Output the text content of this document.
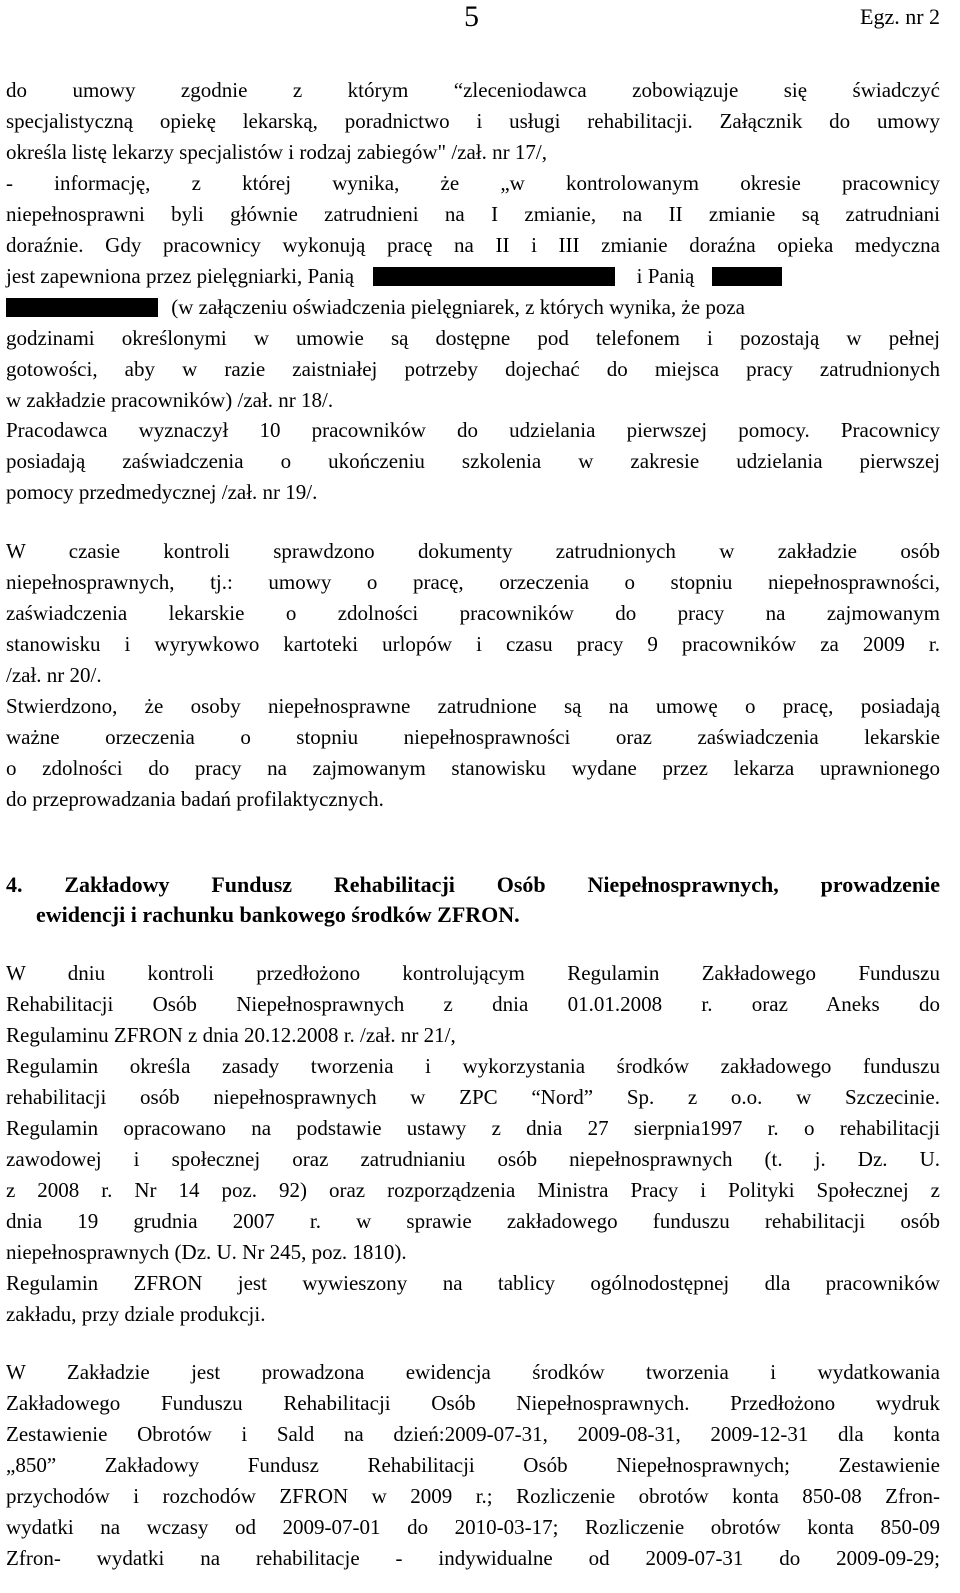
5	Egz. nr 2
do umowy zgodnie z którym “zleceniodawca zobowiązuje się świadczyć
specjalistyczną opiekę lekarską, poradnictwo i usługi rehabilitacji. Załącznik do umowy
określa listę lekarzy specjalistów i rodzaj zabiegów" /zał. nr 17/,
- informację, z której wynika, że „w kontrolowanym okresie pracownicy
niepełnosprawni byli głównie zatrudnieni na I zmianie, na II zmianie są zatrudniani
doraźnie. Gdy pracownicy wykonują pracę na II i III zmianie doraźna opieka medyczna
jest zapewniona przez pielęgniarki, Panią	i Panią
(w załączeniu oświadczenia pielęgniarek, z których wynika, że poza
godzinami określonymi w umowie są dostępne pod telefonem i pozostają w pełnej
gotowości, aby w razie zaistniałej potrzeby dojechać do miejsca pracy zatrudnionych
w zakładzie pracowników) /zał. nr 18/.
Pracodawca wyznaczył 10 pracowników do udzielania pierwszej pomocy. Pracownicy
posiadają zaświadczenia o ukończeniu szkolenia w zakresie udzielania pierwszej
pomocy przedmedycznej /zał. nr 19/.
W czasie kontroli sprawdzono dokumenty zatrudnionych w zakładzie osób
niepełnosprawnych, tj.: umowy o pracę, orzeczenia o stopniu niepełnosprawności,
zaświadczenia lekarskie o zdolności pracowników do pracy na zajmowanym
stanowisku i wyrywkowo kartoteki urlopów i czasu pracy 9 pracowników za 2009 r.
/zał. nr 20/.
Stwierdzono, że osoby niepełnosprawne zatrudnione są na umowę o pracę, posiadają
ważne orzeczenia o stopniu niepełnosprawności oraz zaświadczenia lekarskie
o zdolności do pracy na zajmowanym stanowisku wydane przez lekarza uprawnionego
do przeprowadzania badań profilaktycznych.
4. Zakładowy Fundusz Rehabilitacji Osób Niepełnosprawnych, prowadzenie
ewidencji i rachunku bankowego środków ZFRON.
W dniu kontroli przedłożono kontrolującym Regulamin Zakładowego Funduszu
Rehabilitacji Osób Niepełnosprawnych z dnia 01.01.2008 r. oraz Aneks do
Regulaminu ZFRON z dnia 20.12.2008 r. /zał. nr 21/,
Regulamin określa zasady tworzenia i wykorzystania środków zakładowego funduszu
rehabilitacji osób niepełnosprawnych w ZPC “Nord” Sp. z o.o. w Szczecinie.
Regulamin opracowano na podstawie ustawy z dnia 27 sierpnia1997 r. o rehabilitacji
zawodowej i społecznej oraz zatrudnianiu osób niepełnosprawnych (t. j. Dz. U.
z 2008 r. Nr 14 poz. 92) oraz rozporządzenia Ministra Pracy i Polityki Społecznej z
dnia 19 grudnia 2007 r. w sprawie zakładowego funduszu rehabilitacji osób
niepełnosprawnych (Dz. U. Nr 245, poz. 1810).
Regulamin ZFRON jest wywieszony na tablicy ogólnodostępnej dla pracowników
zakładu, przy dziale produkcji.
W Zakładzie jest prowadzona ewidencja środków tworzenia i wydatkowania
Zakładowego Funduszu Rehabilitacji Osób Niepełnosprawnych. Przedłożono wydruk
Zestawienie Obrotów i Sald na dzień:2009-07-31, 2009-08-31, 2009-12-31 dla konta
„850” Zakładowy Fundusz Rehabilitacji Osób Niepełnosprawnych; Zestawienie
przychodów i rozchodów ZFRON w 2009 r.; Rozliczenie obrotów konta 850-08 Zfron-
wydatki na wczasy od 2009-07-01 do 2010-03-17; Rozliczenie obrotów konta 850-09
Zfron- wydatki na rehabilitacje - indywidualne od 2009-07-31 do 2009-09-29;
